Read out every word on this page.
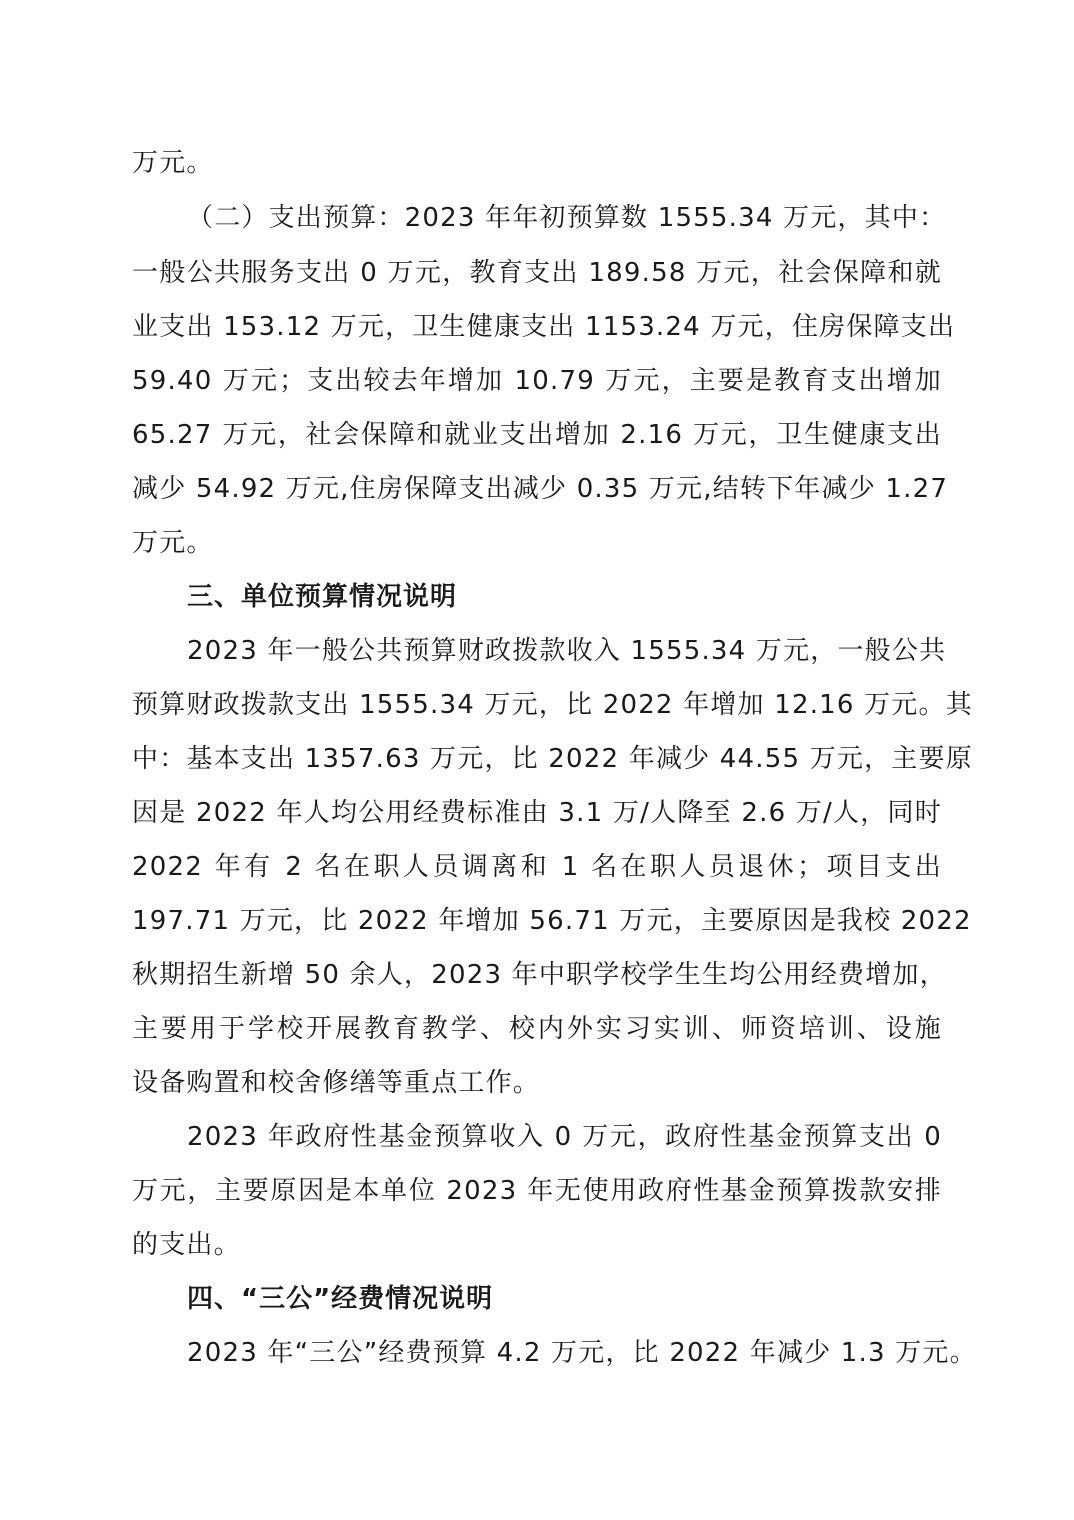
万元。
（二）支出预算：2023 年年初预算数 1555.34 万元，其中：
一般公共服务支出 0 万元，教育支出 189.58 万元，社会保障和就
业支出 153.12 万元，卫生健康支出 1153.24 万元，住房保障支出
59.40 万元；支出较去年增加 10.79 万元，主要是教育支出增加
65.27 万元，社会保障和就业支出增加 2.16 万元，卫生健康支出
减少 54.92 万元,住房保障支出减少 0.35 万元,结转下年减少 1.27
万元。
三、单位预算情况说明
2023 年一般公共预算财政拨款收入 1555.34 万元，一般公共
预算财政拨款支出 1555.34 万元，比 2022 年增加 12.16 万元。其
中：基本支出 1357.63 万元，比 2022 年减少 44.55 万元，主要原
因是 2022 年人均公用经费标准由 3.1 万/人降至 2.6 万/人，同时
2022 年有 2 名在职人员调离和 1 名在职人员退休；项目支出
197.71 万元，比 2022 年增加 56.71 万元，主要原因是我校 2022
秋期招生新增 50 余人，2023 年中职学校学生生均公用经费增加，
主要用于学校开展教育教学、校内外实习实训、师资培训、设施
设备购置和校舍修缮等重点工作。
2023 年政府性基金预算收入 0 万元，政府性基金预算支出 0
万元，主要原因是本单位 2023 年无使用政府性基金预算拨款安排
的支出。
四、“三公”经费情况说明
2023 年“三公”经费预算 4.2 万元，比 2022 年减少 1.3 万元。
